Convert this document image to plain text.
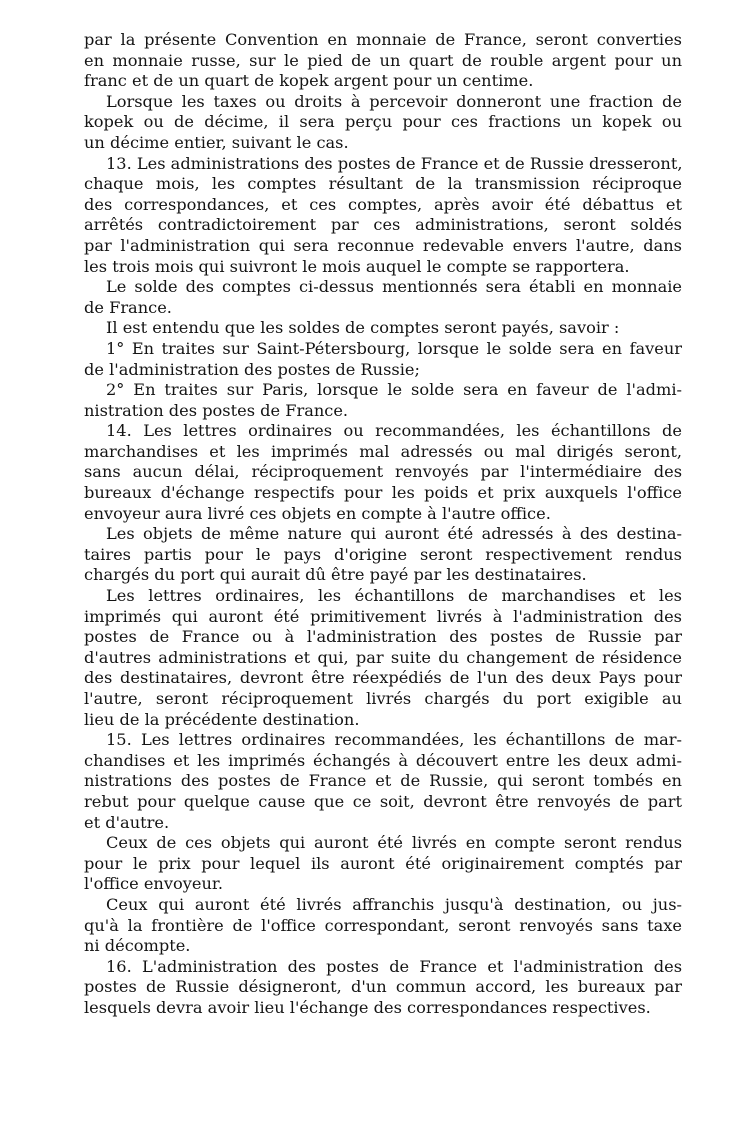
par la présente Convention en monnaie de France, seront converties
en monnaie russe, sur le pied de un quart de rouble argent pour un
franc et de un quart de kopek argent pour un centime.
Lorsque les taxes ou droits à percevoir donneront une fraction de
kopek ou de décime, il sera perçu pour ces fractions un kopek ou
un décime entier, suivant le cas.
13. Les administrations des postes de France et de Russie dresseront,
chaque mois, les comptes résultant de la transmission réciproque
des correspondances, et ces comptes, après avoir été débattus et
arrêtés contradictoirement par ces administrations, seront soldés
par l'administration qui sera reconnue redevable envers l'autre, dans
les trois mois qui suivront le mois auquel le compte se rapportera.
Le solde des comptes ci-dessus mentionnés sera établi en monnaie
de France.
Il est entendu que les soldes de comptes seront payés, savoir :
1° En traites sur Saint-Pétersbourg, lorsque le solde sera en faveur
de l'administration des postes de Russie;
2° En traites sur Paris, lorsque le solde sera en faveur de l'admi-
nistration des postes de France.
14. Les lettres ordinaires ou recommandées, les échantillons de
marchandises et les imprimés mal adressés ou mal dirigés seront,
sans aucun délai, réciproquement renvoyés par l'intermédiaire des
bureaux d'échange respectifs pour les poids et prix auxquels l'office
envoyeur aura livré ces objets en compte à l'autre office.
Les objets de même nature qui auront été adressés à des destina-
taires partis pour le pays d'origine seront respectivement rendus
chargés du port qui aurait dû être payé par les destinataires.
Les lettres ordinaires, les échantillons de marchandises et les
imprimés qui auront été primitivement livrés à l'administration des
postes de France ou à l'administration des postes de Russie par
d'autres administrations et qui, par suite du changement de résidence
des destinataires, devront être réexpédiés de l'un des deux Pays pour
l'autre, seront réciproquement livrés chargés du port exigible au
lieu de la précédente destination.
15. Les lettres ordinaires recommandées, les échantillons de mar-
chandises et les imprimés échangés à découvert entre les deux admi-
nistrations des postes de France et de Russie, qui seront tombés en
rebut pour quelque cause que ce soit, devront être renvoyés de part
et d'autre.
Ceux de ces objets qui auront été livrés en compte seront rendus
pour le prix pour lequel ils auront été originairement comptés par
l'office envoyeur.
Ceux qui auront été livrés affranchis jusqu'à destination, ou jus-
qu'à la frontière de l'office correspondant, seront renvoyés sans taxe
ni décompte.
16. L'administration des postes de France et l'administration des
postes de Russie désigneront, d'un commun accord, les bureaux par
lesquels devra avoir lieu l'échange des correspondances respectives.
